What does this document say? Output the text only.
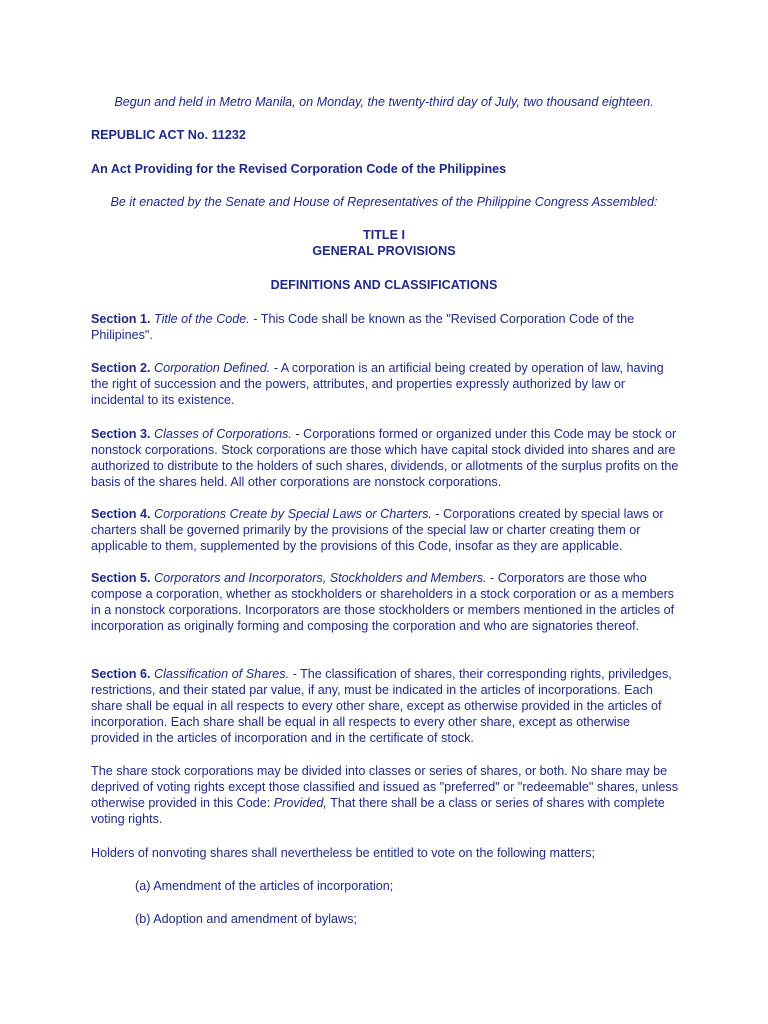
Begun and held in Metro Manila, on Monday, the twenty-third day of July, two thousand eighteen.

REPUBLIC ACT No. 11232

An Act Providing for the Revised Corporation Code of the Philippines

Be it enacted by the Senate and House of Representatives of the Philippine Congress Assembled:

TITLE I

GENERAL PROVISIONS

DEFINITIONS AND CLASSIFICATIONS

Section 1. Title of the Code. - This Code shall be known as the "Revised Corporation Code of the Philipines".

Section 2. Corporation Defined. - A corporation is an artificial being created by operation of law, having the right of succession and the powers, attributes, and properties expressly authorized by law or incidental to its existence.

Section 3. Classes of Corporations. - Corporations formed or organized under this Code may be stock or nonstock corporations. Stock corporations are those which have capital stock divided into shares and are authorized to distribute to the holders of such shares, dividends, or allotments of the surplus profits on the basis of the shares held. All other corporations are nonstock corporations.

Section 4. Corporations Create by Special Laws or Charters. - Corporations created by special laws or charters shall be governed primarily by the provisions of the special law or charter creating them or applicable to them, supplemented by the provisions of this Code, insofar as they are applicable.

Section 5. Corporators and Incorporators, Stockholders and Members. - Corporators are those who compose a corporation, whether as stockholders or shareholders in a stock corporation or as a members in a nonstock corporations. Incorporators are those stockholders or members mentioned in the articles of incorporation as originally forming and composing the corporation and who are signatories thereof.

Section 6. Classification of Shares. - The classification of shares, their corresponding rights, priviledges, restrictions, and their stated par value, if any, must be indicated in the articles of incorporations. Each share shall be equal in all respects to every other share, except as otherwise provided in the articles of incorporation. Each share shall be equal in all respects to every other share, except as otherwise provided in the articles of incorporation and in the certificate of stock.

The share stock corporations may be divided into classes or series of shares, or both. No share may be deprived of voting rights except those classified and issued as "preferred" or "redeemable" shares, unless otherwise provided in this Code: Provided, That there shall be a class or series of shares with complete voting rights.

Holders of nonvoting shares shall nevertheless be entitled to vote on the following matters;

(a) Amendment of the articles of incorporation;

(b) Adoption and amendment of bylaws;
